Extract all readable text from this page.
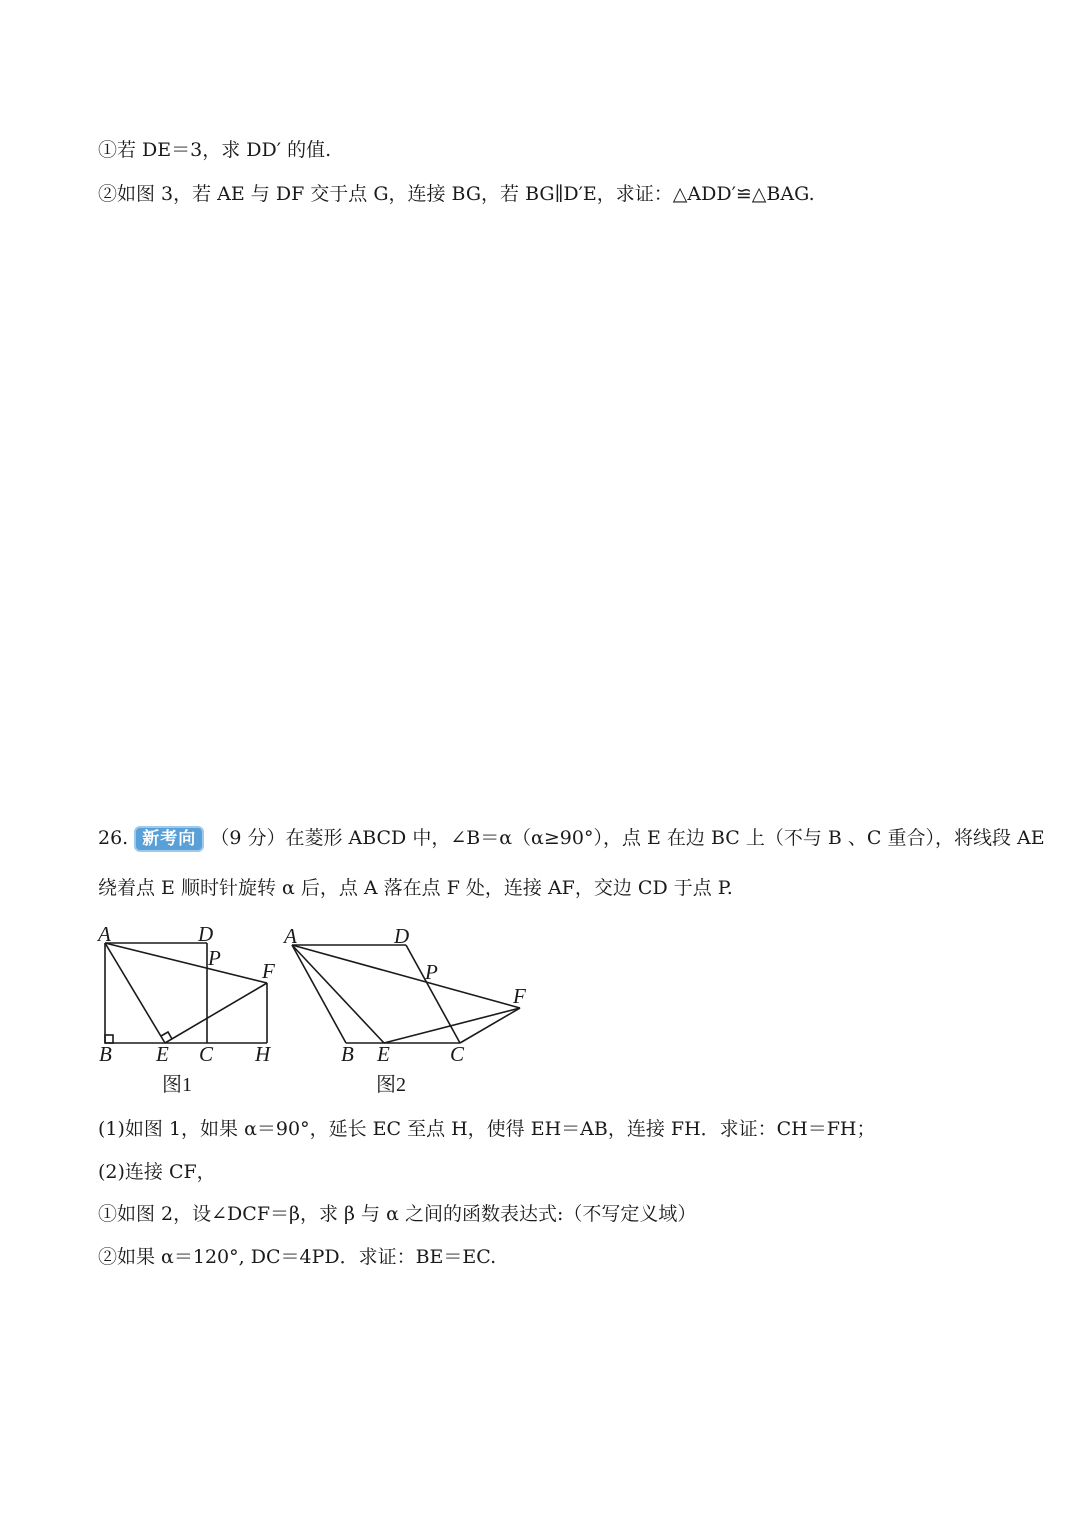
①若 DE＝3，求 DD′ 的值.
②如图 3，若 AE 与 DF 交于点 G，连接 BG，若 BG∥D′E，求证：△ADD′≌△BAG.
26. 新考向 （9 分）在菱形 ABCD 中，∠B＝α（α≥90°），点 E 在边 BC 上（不与 B 、C 重合），将线段 AE
绕着点 E 顺时针旋转 α 后，点 A 落在点 F 处，连接 AF，交边 CD 于点 P.
A	D
P
F
B E C H
图1
A	D
P
F
B E	C
图2
(1)如图 1，如果 α＝90°，延长 EC 至点 H，使得 EH＝AB，连接 FH．求证：CH＝FH；
(2)连接 CF，
①如图 2，设∠DCF＝β，求 β 与 α 之间的函数表达式:（不写定义域）
②如果 α＝120°, DC＝4PD．求证：BE＝EC.
